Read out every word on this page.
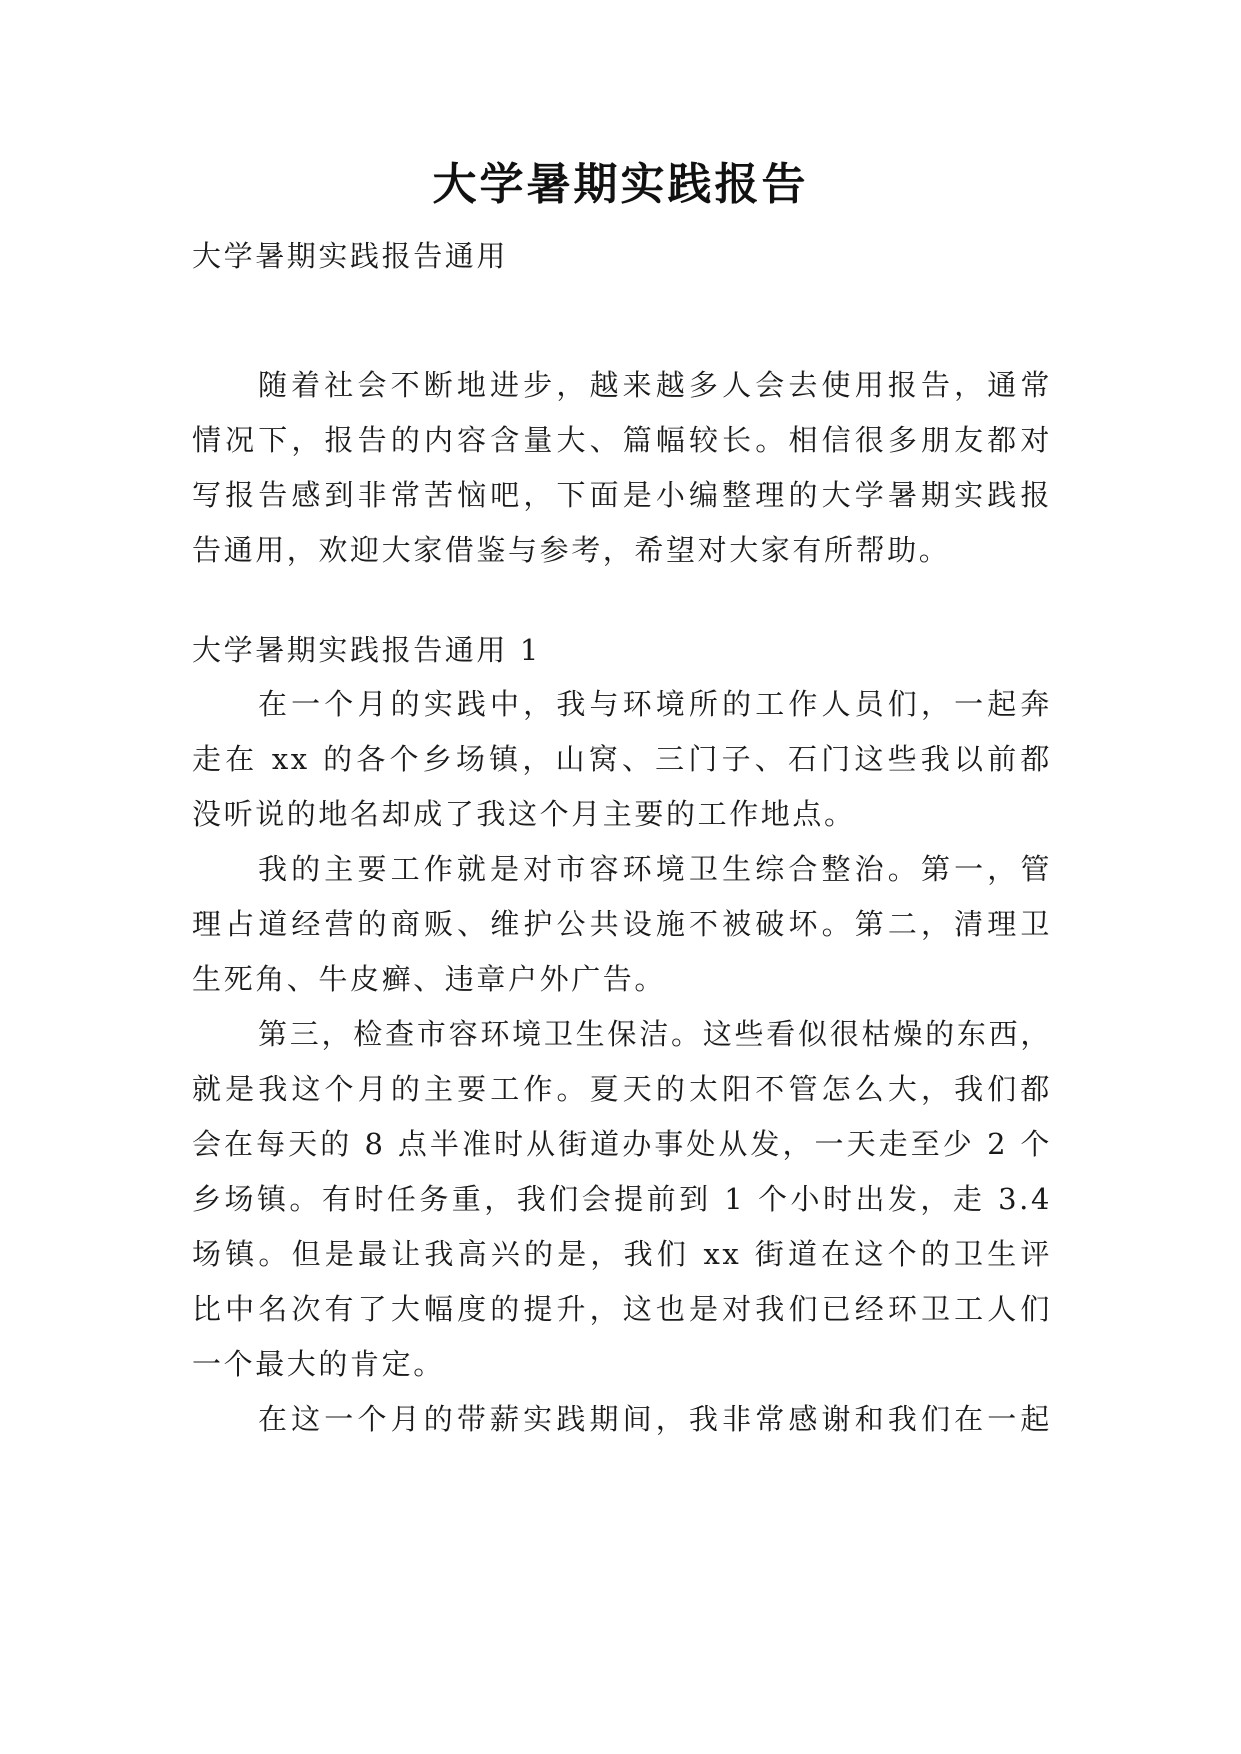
大学暑期实践报告
大学暑期实践报告通用
随着社会不断地进步，越来越多人会去使用报告，通常
情况下，报告的内容含量大、篇幅较长。相信很多朋友都对
写报告感到非常苦恼吧，下面是小编整理的大学暑期实践报
告通用，欢迎大家借鉴与参考，希望对大家有所帮助。
大学暑期实践报告通用 1
在一个月的实践中，我与环境所的工作人员们，一起奔
走在 xx 的各个乡场镇，山窝、三门子、石门这些我以前都
没听说的地名却成了我这个月主要的工作地点。
我的主要工作就是对市容环境卫生综合整治。第一，管
理占道经营的商贩、维护公共设施不被破坏。第二，清理卫
生死角、牛皮癣、违章户外广告。
第三，检查市容环境卫生保洁。这些看似很枯燥的东西，
就是我这个月的主要工作。夏天的太阳不管怎么大，我们都
会在每天的 8 点半准时从街道办事处从发，一天走至少 2 个
乡场镇。有时任务重，我们会提前到 1 个小时出发，走 3.4
场镇。但是最让我高兴的是，我们 xx 街道在这个的卫生评
比中名次有了大幅度的提升，这也是对我们已经环卫工人们
一个最大的肯定。
在这一个月的带薪实践期间，我非常感谢和我们在一起
